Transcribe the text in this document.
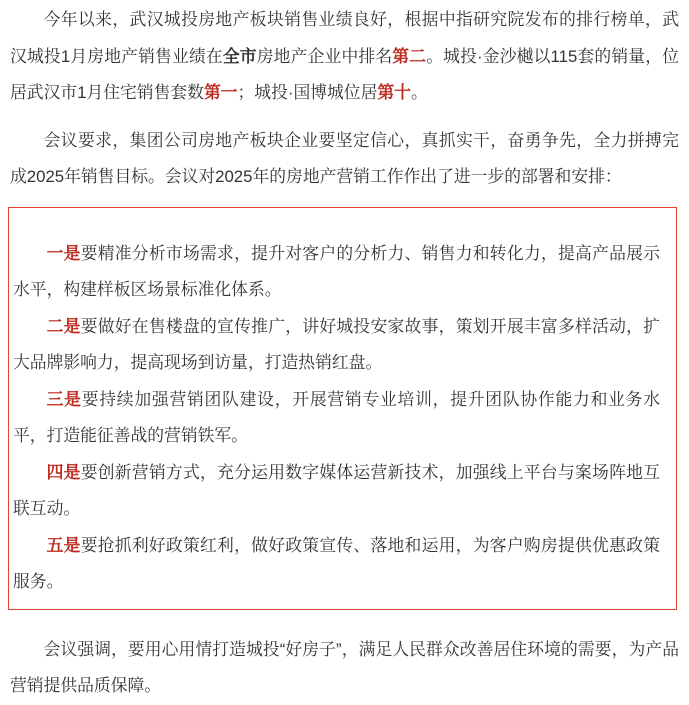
今年以来，武汉城投房地产板块销售业绩良好，根据中指研究院发布的排行榜单，武汉城投1月房地产销售业绩在全市房地产企业中排名第二。城投·金沙樾以115套的销量，位居武汉市1月住宅销售套数第一；城投·国博城位居第十。

会议要求，集团公司房地产板块企业要坚定信心，真抓实干，奋勇争先，全力拼搏完成2025年销售目标。会议对2025年的房地产营销工作作出了进一步的部署和安排：

一是要精准分析市场需求，提升对客户的分析力、销售力和转化力，提高产品展示水平，构建样板区场景标准化体系。

二是要做好在售楼盘的宣传推广，讲好城投安家故事，策划开展丰富多样活动，扩大品牌影响力，提高现场到访量，打造热销红盘。

三是要持续加强营销团队建设，开展营销专业培训，提升团队协作能力和业务水平，打造能征善战的营销铁军。

四是要创新营销方式，充分运用数字媒体运营新技术，加强线上平台与案场阵地互联互动。

五是要抢抓利好政策红利，做好政策宣传、落地和运用，为客户购房提供优惠政策服务。

会议强调，要用心用情打造城投“好房子”，满足人民群众改善居住环境的需要，为产品营销提供品质保障。
